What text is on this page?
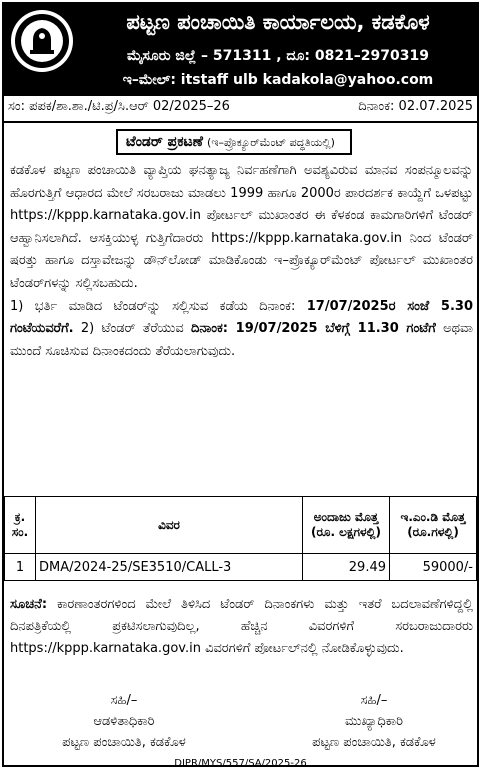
ಪಟ್ಟಣ ಪಂಚಾಯಿತಿ ಕಾರ್ಯಾಲಯ, ಕಡಕೊಳ
ಮೈಸೂರು ಜಿಲ್ಲೆ – 571311 , ದೂ: 0821–2970319
ಇ–ಮೇಲ್: itstaff ulb kadakola@yahoo.com
ಸಂ: ಪಪಕ/ಶಾ.ಶಾ./ಟಿ.ಪ್ರ/ಸಿ.ಆರ್ 02/2025–26	ದಿನಾಂಕ: 02.07.2025
ಟೆಂಡರ್ ಪ್ರಕಟಣೆ (ಇ–ಪ್ರೊಕ್ಯೂರ್‌ಮೆಂಟ್ ಪದ್ಧತಿಯಲ್ಲಿ)

ಕಡಕೊಳ ಪಟ್ಟಣ ಪಂಚಾಯಿತಿ ವ್ಯಾಪ್ತಿಯ ಘನತ್ಯಾಜ್ಯ ನಿರ್ವಹಣೆಗಾಗಿ ಅವಶ್ಯವಿರುವ ಮಾನವ ಸಂಪನ್ಮೂಲವನ್ನು ಹೊರಗುತ್ತಿಗೆ ಆಧಾರದ ಮೇಲೆ ಸರಬರಾಜು ಮಾಡಲು 1999 ಹಾಗೂ 2000ರ ಪಾರದರ್ಶಕ ಕಾಯ್ದೆಗೆ ಒಳಪಟ್ಟು https://kppp.karnataka.gov.in ಪೋರ್ಟಲ್ ಮುಖಾಂತರ ಈ ಕೆಳಕಂಡ ಕಾಮಗಾರಿಗಳಿಗೆ ಟೆಂಡರ್ ಆಹ್ವಾನಿಸಲಾಗಿದೆ. ಆಸಕ್ತಿಯುಳ್ಳ ಗುತ್ತಿಗೆದಾರರು https://kppp.karnataka.gov.in ನಿಂದ ಟೆಂಡರ್ ಷರತ್ತು ಹಾಗೂ ದಸ್ತಾವೇಜನ್ನು ಡೌನ್‌ಲೋಡ್ ಮಾಡಿಕೊಂಡು ಇ–ಪ್ರೊಕ್ಯೂರ್‌ಮೆಂಟ್ ಪೋರ್ಟಲ್ ಮುಖಾಂತರ ಟೆಂಡರ್‌ಗಳನ್ನು ಸಲ್ಲಿಸಬಹುದು.

1) ಭರ್ತಿ ಮಾಡಿದ ಟೆಂಡರ್‌ನ್ನು ಸಲ್ಲಿಸುವ ಕಡೆಯ ದಿನಾಂಕ: 17/07/2025ರ ಸಂಜೆ 5.30 ಗಂಟೆಯವರೆಗೆ. 2) ಟೆಂಡರ್ ತೆರೆಯುವ ದಿನಾಂಕ: 19/07/2025 ಬೆಳಿಗ್ಗೆ 11.30 ಗಂಟೆಗೆ ಅಥವಾ ಮುಂದೆ ಸೂಚಿಸುವ ದಿನಾಂಕದಂದು ತೆರೆಯಲಾಗುವುದು.

ಕ್ರ. ಸಂ.	ವಿವರ	ಅಂದಾಜು ಮೊತ್ತ (ರೂ. ಲಕ್ಷಗಳಲ್ಲಿ)	ಇ.ಎಂ.ಡಿ ಮೊತ್ತ (ರೂ.ಗಳಲ್ಲಿ)
1	DMA/2024-25/SE3510/CALL-3	29.49	59000/-
ಸೂಚನೆ: ಕಾರಣಾಂತರಗಳಿಂದ ಮೇಲೆ ತಿಳಿಸಿದ ಟೆಂಡರ್ ದಿನಾಂಕಗಳು ಮತ್ತು ಇತರೆ ಬದಲಾವಣೆಗಳಿದ್ದಲ್ಲಿ ದಿನಪತ್ರಿಕೆಯಲ್ಲಿ ಪ್ರಕಟಿಸಲಾಗುವುದಿಲ್ಲ, ಹೆಚ್ಚಿನ ವಿವರಗಳಿಗೆ ಸರಬರಾಜುದಾರರು https://kppp.karnataka.gov.in ವಿವರಗಳಿಗೆ ಪೋರ್ಟಲ್‌ನಲ್ಲಿ ನೋಡಿಕೊಳ್ಳುವುದು.
ಸಹಿ/–
ಆಡಳಿತಾಧಿಕಾರಿ
ಪಟ್ಟಣ ಪಂಚಾಯಿತಿ, ಕಡಕೊಳ
ಸಹಿ/–
ಮುಖ್ಯಾಧಿಕಾರಿ
ಪಟ್ಟಣ ಪಂಚಾಯಿತಿ, ಕಡಕೊಳ
DIPR/MYS/557/SA/2025-26
